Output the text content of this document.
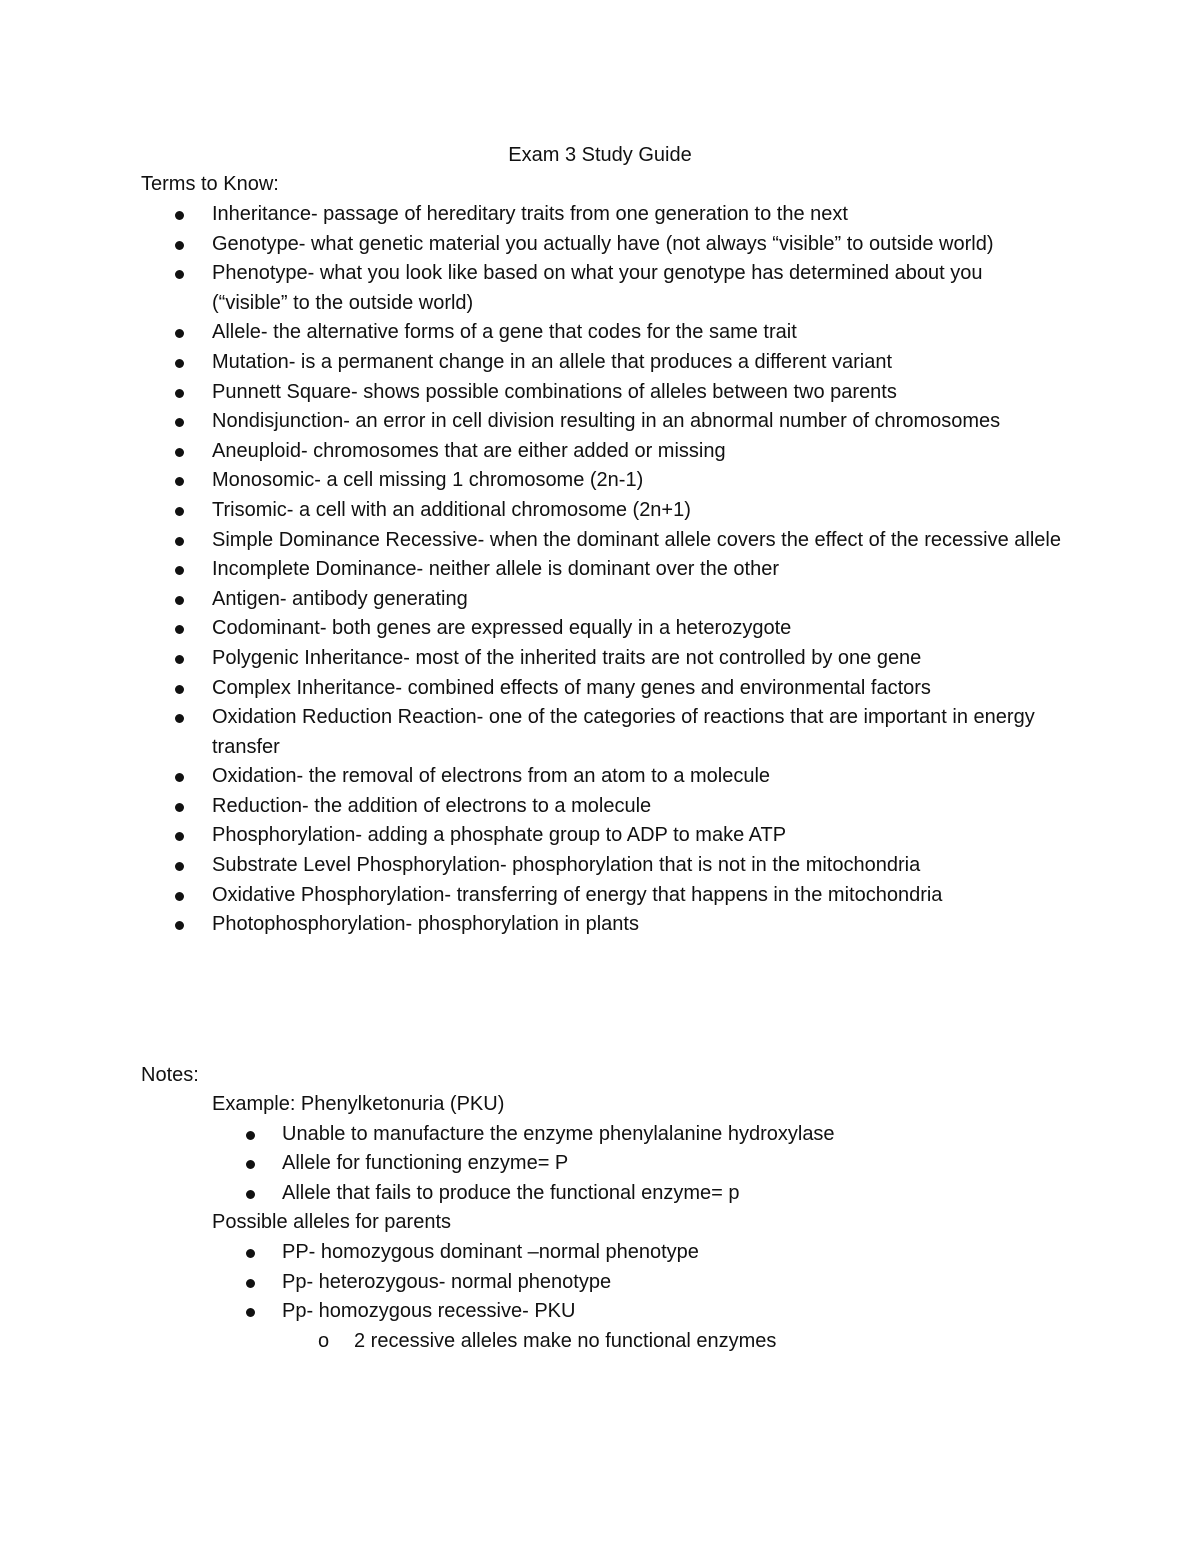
Exam 3 Study Guide
Terms to Know:
Inheritance- passage of hereditary traits from one generation to the next
Genotype- what genetic material you actually have (not always “visible” to outside world)
Phenotype- what you look like based on what your genotype has determined about you (“visible” to the outside world)
Allele- the alternative forms of a gene that codes for the same trait
Mutation- is a permanent change in an allele that produces a different variant
Punnett Square- shows possible combinations of alleles between two parents
Nondisjunction- an error in cell division resulting in an abnormal number of chromosomes
Aneuploid- chromosomes that are either added or missing
Monosomic- a cell missing 1 chromosome (2n-1)
Trisomic- a cell with an additional chromosome (2n+1)
Simple Dominance Recessive- when the dominant allele covers the effect of the recessive allele
Incomplete Dominance- neither allele is dominant over the other
Antigen- antibody generating
Codominant- both genes are expressed equally in a heterozygote
Polygenic Inheritance- most of the inherited traits are not controlled by one gene
Complex Inheritance- combined effects of many genes and environmental factors
Oxidation Reduction Reaction- one of the categories of reactions that are important in energy transfer
Oxidation- the removal of electrons from an atom to a molecule
Reduction- the addition of electrons to a molecule
Phosphorylation- adding a phosphate group to ADP to make ATP
Substrate Level Phosphorylation- phosphorylation that is not in the mitochondria
Oxidative Phosphorylation- transferring of energy that happens in the mitochondria
Photophosphorylation- phosphorylation in plants
Notes:
Example: Phenylketonuria (PKU)
Unable to manufacture the enzyme phenylalanine hydroxylase
Allele for functioning enzyme= P
Allele that fails to produce the functional enzyme= p
Possible alleles for parents
PP- homozygous dominant –normal phenotype
Pp- heterozygous- normal phenotype
Pp- homozygous recessive- PKU
o 2 recessive alleles make no functional enzymes
